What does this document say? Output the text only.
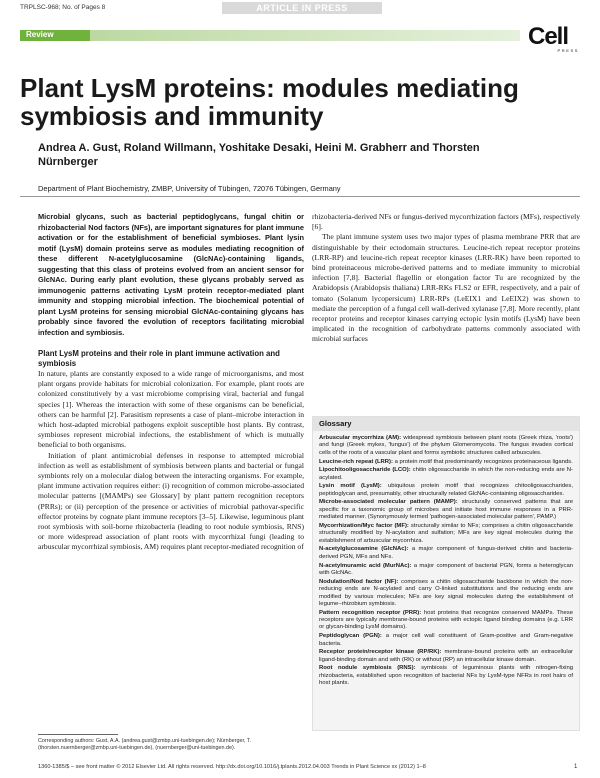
TRPLSC-968; No. of Pages 8	ARTICLE IN PRESS
Review	Cell
PRESS
Plant LysM proteins: modules mediating symbiosis and immunity
Andrea A. Gust, Roland Willmann, Yoshitake Desaki, Heini M. Grabherr and Thorsten Nürnberger
Department of Plant Biochemistry, ZMBP, University of Tübingen, 72076 Tübingen, Germany

Microbial glycans, such as bacterial peptidoglycans, fungal chitin or rhizobacterial Nod factors (NFs), are important signatures for plant immune activation or for the establishment of beneficial symbioses. Plant lysin motif (LysM) domain proteins serve as modules mediating recognition of these different N-acetylglucosamine (GlcNAc)-containing ligands, suggesting that this class of proteins evolved from an ancient sensor for GlcNAc. During early plant evolution, these glycans probably served as immunogenic patterns activating LysM protein receptor-mediated plant immunity and stopping microbial infection. The biochemical potential of plant LysM proteins for sensing microbial GlcNAc-containing glycans has probably since favored the evolution of receptors facilitating microbial infection and symbiosis.

Plant LysM proteins and their role in plant immune activation and symbiosis

In nature, plants are constantly exposed to a wide range of microorganisms, and most plant organs provide habitats for microbial colonization. For example, plant roots are colonized constitutively by a vast microbiome comprising viral, bacterial and fungal species [1]. Whereas the interaction with some of these organisms can be beneficial, others can be harmful [2]. Parasitism represents a case of plant–microbe interaction in which host-adapted microbial pathogens exploit susceptible host plants. By contrast, symbioses represent microbial infections, the establishment of which is mutually beneficial to both organisms.

Initiation of plant antimicrobial defenses in response to attempted microbial infection as well as establishment of symbiosis between plants and bacterial or fungal symbionts rely on a molecular dialog between the interacting organisms. For example, plant immune activation requires either: (i) recognition of common microbe-associated molecular patterns [(MAMPs) see Glossary] by plant pattern recognition receptors (PRRs); or (ii) perception of the presence or activities of microbial pathovar-specific effector proteins by cognate plant immune receptors [3–5]. Likewise, leguminous plant root symbiosis with soil-borne rhizobacteria (leading to root nodule symbiosis, RNS) or more widespread association of plant roots with mycorrhizal fungi (leading to arbuscular mycorrhizal symbiosis, AM) requires plant receptor-mediated recognition of

rhizobacteria-derived NFs or fungus-derived mycorrhization factors (MFs), respectively [6].

The plant immune system uses two major types of plasma membrane PRR that are distinguishable by their ectodomain structures. Leucine-rich repeat receptor proteins (LRR-RP) and leucine-rich repeat receptor kinases (LRR-RK) have been reported to bind proteinaceous microbe-derived patterns and to mediate immunity to microbial infection [7,8]. Bacterial flagellin or elongation factor Tu are recognized by the Arabidopsis (Arabidopsis thaliana) LRR-RKs FLS2 or EFR, respectively, and a pair of tomato (Solanum lycopersicum) LRR-RPs (LeEIX1 and LeEIX2) was shown to mediate the perception of a fungal cell wall-derived xylanase [7,8]. More recently, plant receptor proteins and receptor kinases carrying ectopic lysin motifs (LysM) have been implicated in the recognition of carbohydrate patterns commonly associated with microbial surfaces

Glossary
Arbuscular mycorrhiza (AM): widespread symbiosis between plant roots (Greek rhiza, 'roots') and fungi (Greek mykes, 'fungus') of the phylum Glomeromycota. The fungus invades cortical cells of the roots of a vascular plant and forms symbiotic structures called arbuscules.
Leucine-rich repeat (LRR): a protein motif that predominantly recognizes proteinaceous ligands.
Lipochitooligosaccharide (LCO): chitin oligosaccharide in which the non-reducing ends are N-acylated.
Lysin motif (LysM): ubiquitous protein motif that recognizes chitooligosaccharides, peptidoglycan and, presumably, other structurally related GlcNAc-containing oligosaccharides.
Microbe-associated molecular pattern (MAMP): structurally conserved patterns that are specific for a taxonomic group of microbes and initiate host immune responses in a PRR-mediated manner. (Synonymously termed 'pathogen-associated molecular pattern', PAMP.)
Mycorrhization/Myc factor (MF): structurally similar to NFs; comprises a chitin oligosaccharide structurally modified by N-acylation and sulfation; MFs are key signal molecules during the establishment of arbuscular mycorrhiza.
N-acetylglucosamine (GlcNAc): a major component of fungus-derived chitin and bacteria-derived PGN, MFs and NFs.
N-acetylmuramic acid (MurNAc): a major component of bacterial PGN, forms a heteroglycan with GlcNAc.
Nodulation/Nod factor (NF): comprises a chitin oligosaccharide backbone in which the non-reducing ends are N-acylated and carry O-linked substitutions and the reducing ends are modified by various molecules; NFs are key signal molecules during the establishment of legume–rhizobium symbiosis.
Pattern recognition receptor (PRR): host proteins that recognize conserved MAMPs. These receptors are typically membrane-bound proteins with ectopic ligand binding domains (e.g. LRR or glycan-binding LysM domains).
Peptidoglycan (PGN): a major cell wall constituent of Gram-positive and Gram-negative bacteria.
Receptor protein/receptor kinase (RP/RK): membrane-bound proteins with an extracellular ligand-binding domain and with (RK) or without (RP) an intracellular kinase domain.
Root nodule symbiosis (RNS): symbiosis of leguminous plants with nitrogen-fixing rhizobacteria, established upon recognition of bacterial NFs by LysM-type NFRs in root hairs of host plants.
Corresponding authors: Gust, A.A. (andrea.gust@zmbp.uni-tuebingen.de); Nürnberger, T. (thorsten.nuernberger@zmbp.uni-tuebingen.de), (nuernberger@uni-tuebingen.de).
1360-1385/$ – see front matter © 2012 Elsevier Ltd. All rights reserved. http://dx.doi.org/10.1016/j.tplants.2012.04.003 Trends in Plant Science xx (2012) 1–8	1
